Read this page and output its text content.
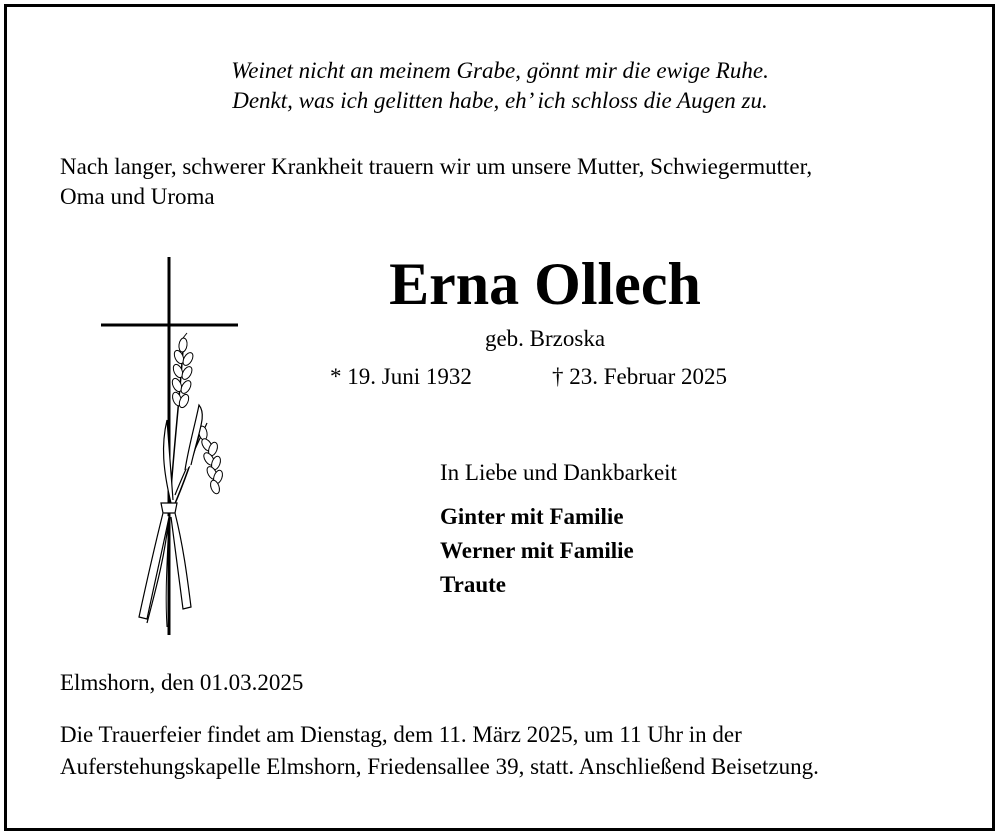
Weinet nicht an meinem Grabe, gönnt mir die ewige Ruhe.
Denkt, was ich gelitten habe, eh’ ich schloss die Augen zu.
Nach langer, schwerer Krankheit trauern wir um unsere Mutter, Schwiegermutter,
Oma und Uroma
Erna Ollech
geb. Brzoska
* 19. Juni 1932	† 23. Februar 2025
In Liebe und Dankbarkeit
Ginter mit Familie
Werner mit Familie
Traute
Elmshorn, den 01.03.2025
Die Trauerfeier findet am Dienstag, dem 11. März 2025, um 11 Uhr in der
Auferstehungskapelle Elmshorn, Friedensallee 39, statt. Anschließend Beisetzung.
